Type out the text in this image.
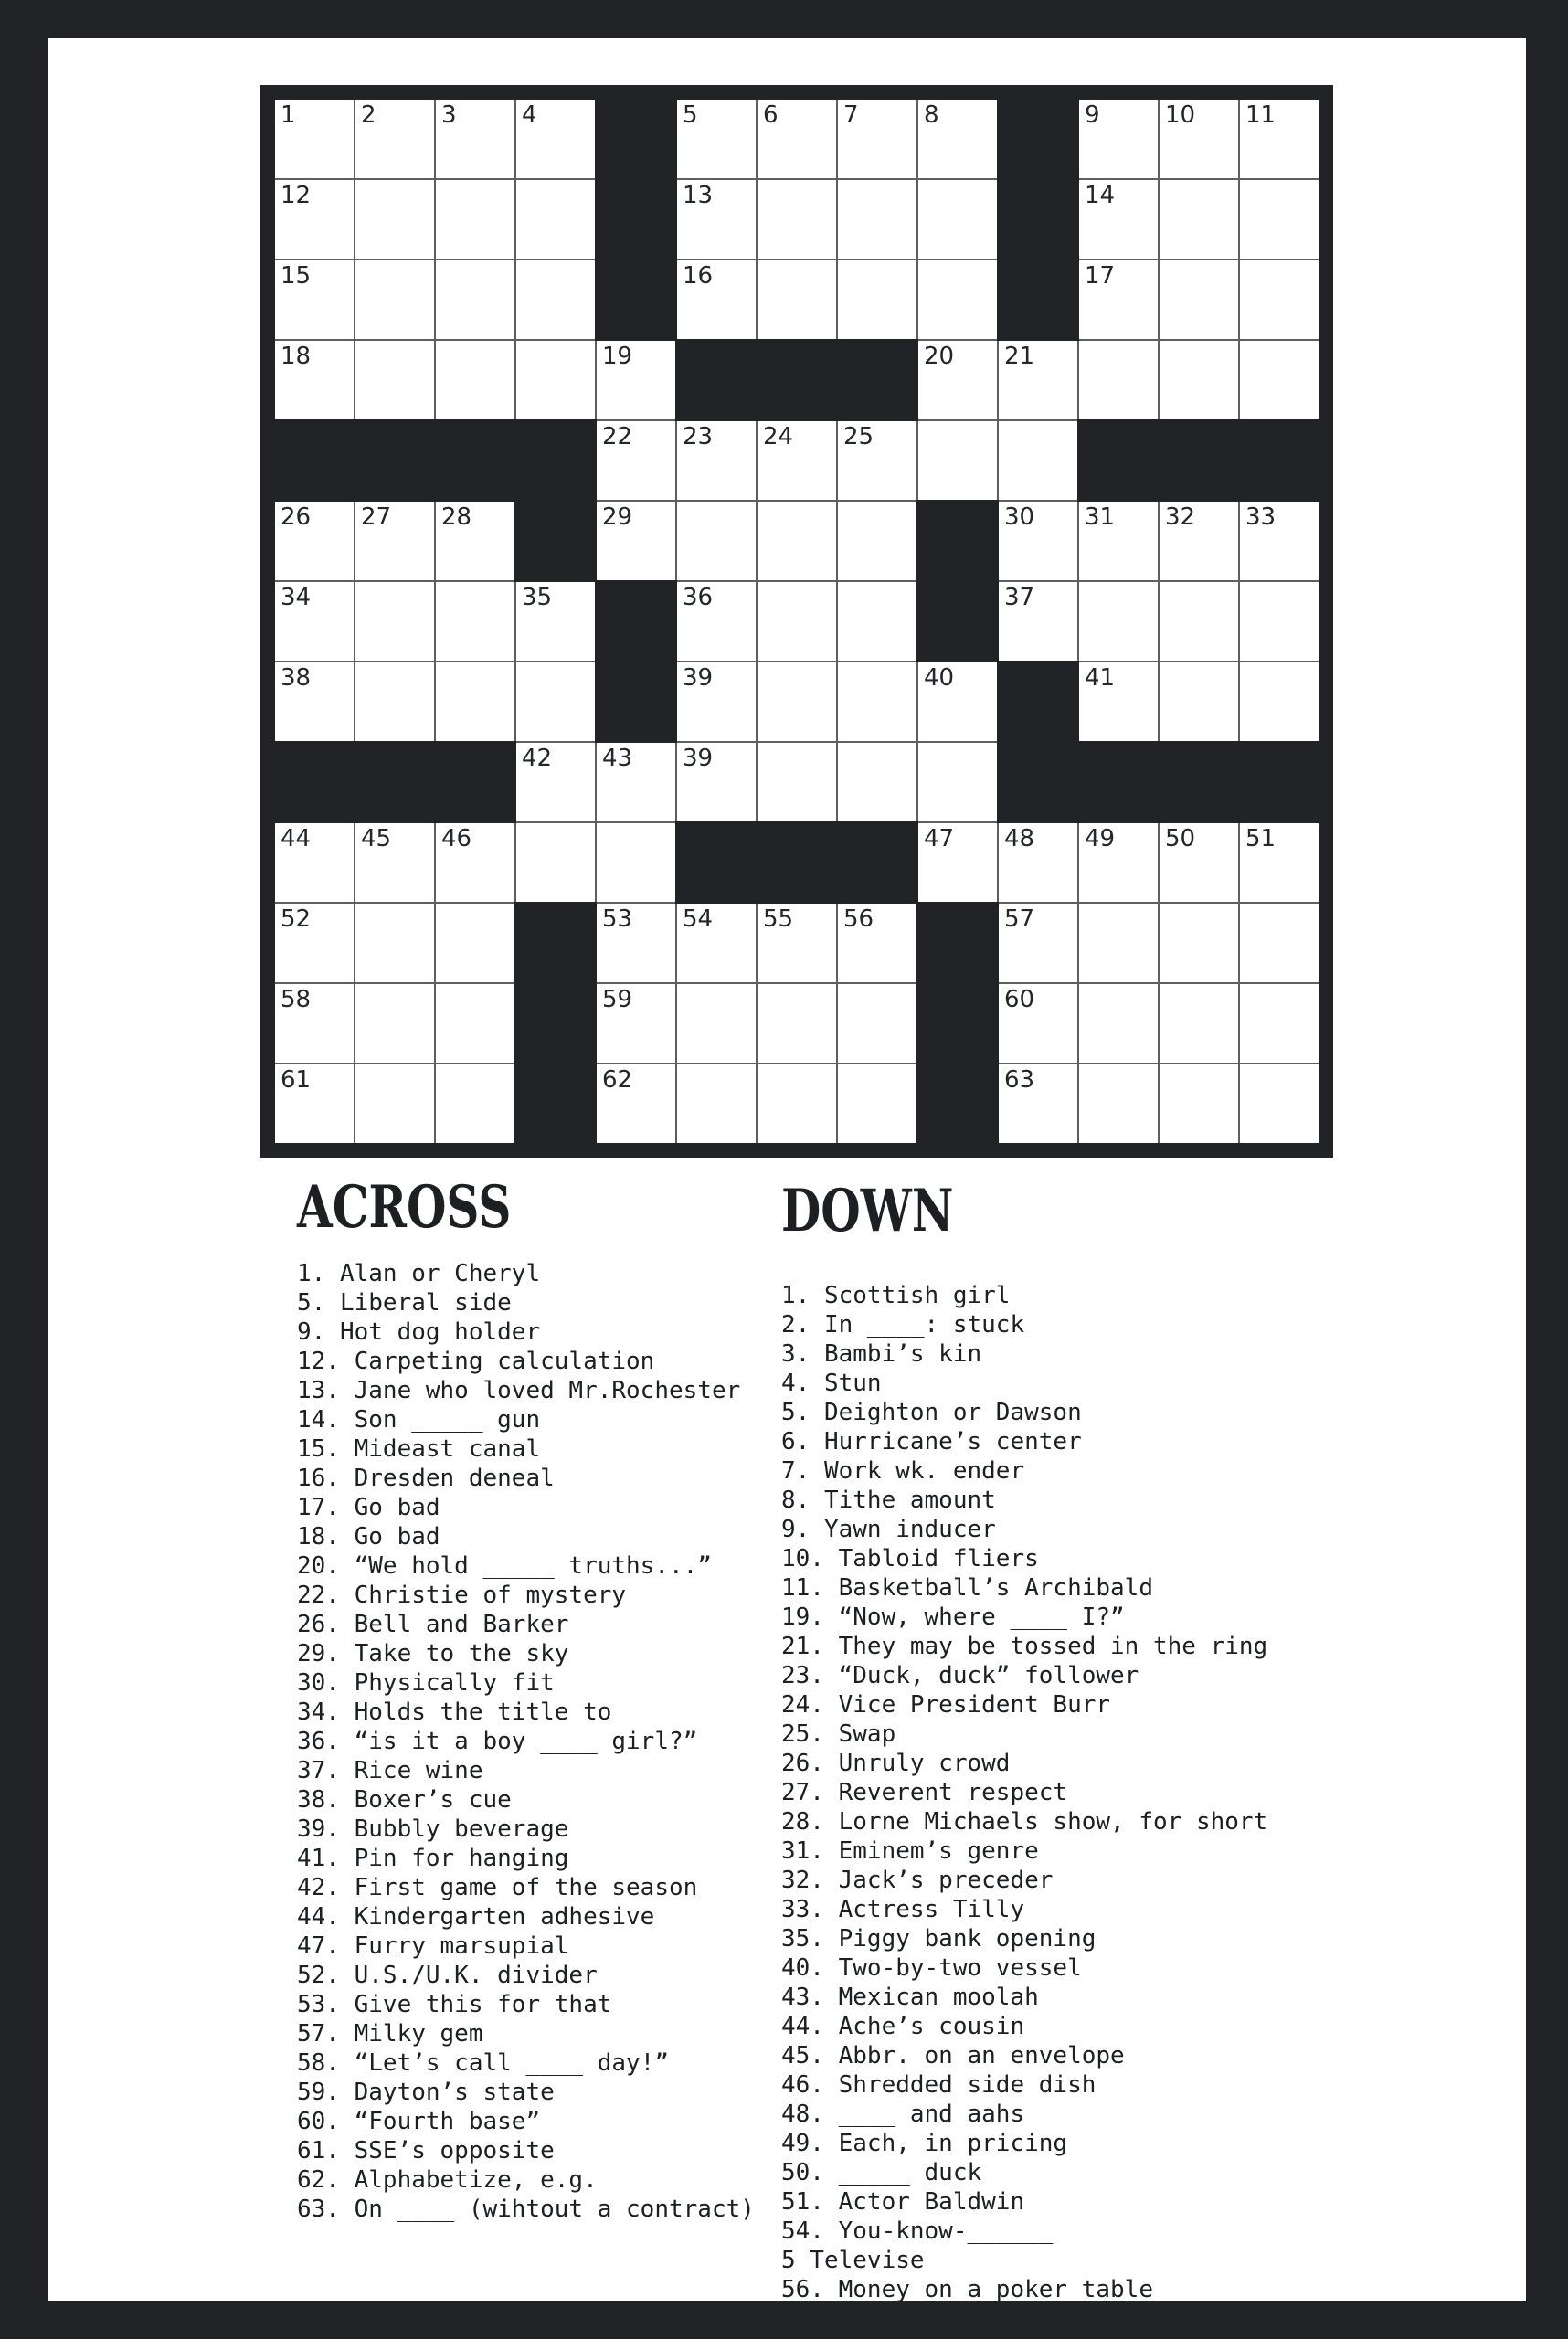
1	2	3	4	5	6	7	8	9	10 11
12	13	14
15	16	17
18	19	20 21
22 23 24 25
26 27 28	29	30 31 32 33
34	35	36	37
38	39	40	41
42 43 39
44 45 46	47 48 49 50 51
52	53 54 55 56	57
58	59	60
61	62	63
ACROSS	DOWN
1. Alan or Cheryl
5. Liberal side
9. Hot dog holder
12. Carpeting calculation
13. Jane who loved Mr.Rochester
14. Son _____ gun
15. Mideast canal
16. Dresden deneal
17. Go bad
18. Go bad
20. “We hold _____ truths...”
22. Christie of mystery
26. Bell and Barker
29. Take to the sky
30. Physically fit
34. Holds the title to
36. “is it a boy ____ girl?”
37. Rice wine
38. Boxer’s cue
39. Bubbly beverage
41. Pin for hanging
42. First game of the season
44. Kindergarten adhesive
47. Furry marsupial
52. U.S./U.K. divider
53. Give this for that
57. Milky gem
58. “Let’s call ____ day!”
59. Dayton’s state
60. “Fourth base”
61. SSE’s opposite
62. Alphabetize, e.g.
63. On ____ (wihtout a contract)
1. Scottish girl
2. In ____: stuck
3. Bambi’s kin
4. Stun
5. Deighton or Dawson
6. Hurricane’s center
7. Work wk. ender
8. Tithe amount
9. Yawn inducer
10. Tabloid fliers
11. Basketball’s Archibald
19. “Now, where ____ I?”
21. They may be tossed in the ring
23. “Duck, duck” follower
24. Vice President Burr
25. Swap
26. Unruly crowd
27. Reverent respect
28. Lorne Michaels show, for short
31. Eminem’s genre
32. Jack’s preceder
33. Actress Tilly
35. Piggy bank opening
40. Two-by-two vessel
43. Mexican moolah
44. Ache’s cousin
45. Abbr. on an envelope
46. Shredded side dish
48. ____ and aahs
49. Each, in pricing
50. _____ duck
51. Actor Baldwin
54. You-know-______
5 Televise
56. Money on a poker table
